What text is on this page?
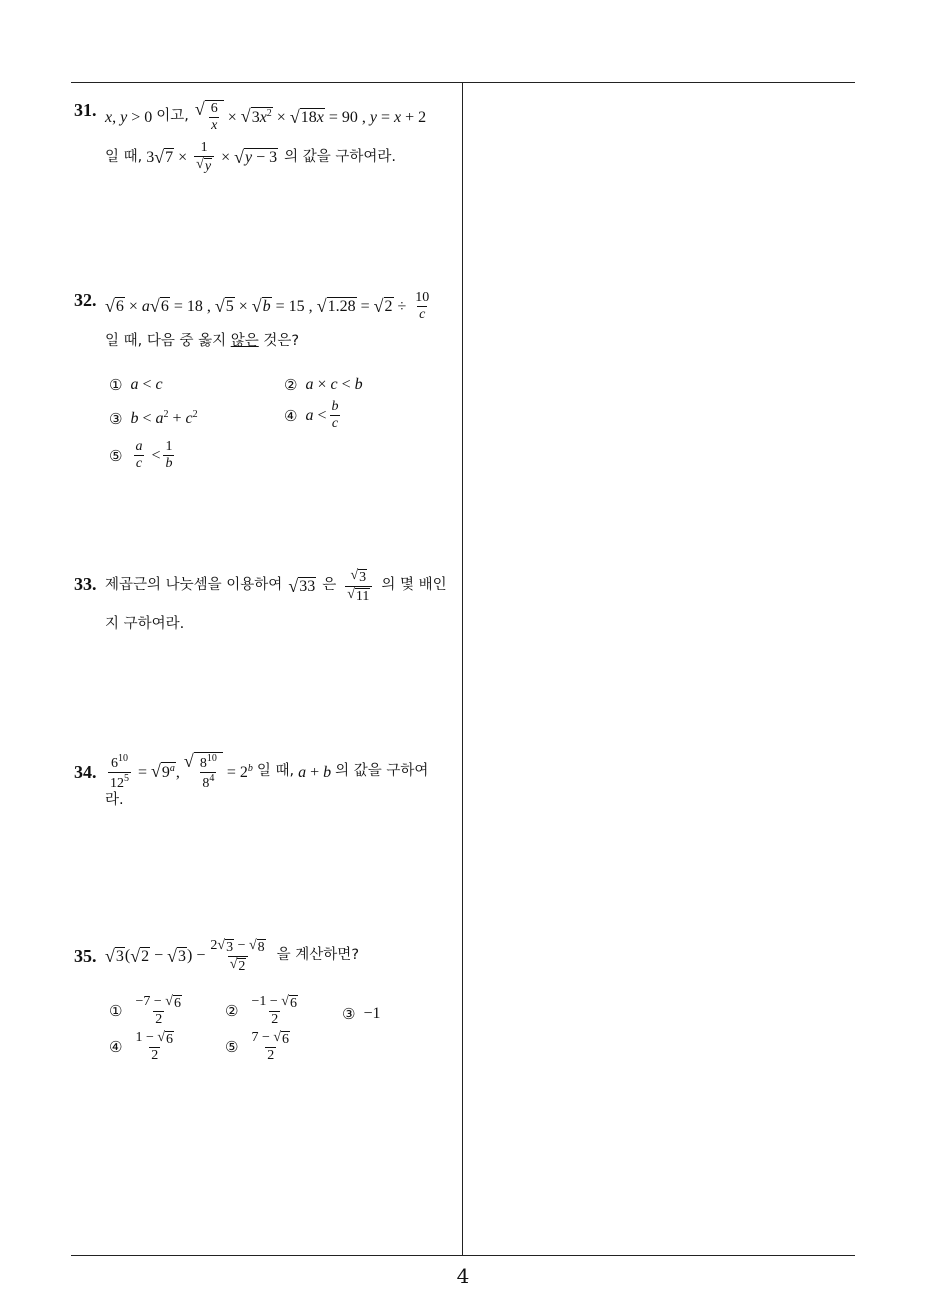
4
31. x , y > 0 이고, √ $\frac{6}{x}$ × √ $3x^2$ × √ 18x = 90 , y = x + 2
일 때, 3 √ $7 \times \frac{1}{√ y}$ × √ y − 3 의 값을 구하여라.
32. √ 6 × a √ 6 = 18 , √ 5 × √ b = 15 , √ 1.28 = √ $2 \div \frac{10}{c}$
일 때, 다음 중 옳지
않은
것은?
① a < c	② a × c < b
③ $b < a^2 + c^2$	④ $a < \frac{b}{c}$
⑤ $\frac{a}{c} < \frac{1}{b}$
33. 제곱근의 나눗셈을 이용하여 √ 33 은 $\frac{√ 3}{√ 11}$ 의 몇 배인
지 구하여라.
34. $\frac{6^{10}}{12^5}$ = √ 9$^a$ ,
√ $\frac{8^{10}}{8^4} = 2^b$ 일 때, a + b 의 값을 구하여
라.
35. √ 3 ( √ 2 − √ 3 ) − $\frac{2 √ 3 - √ 8}{√ 2}$ 을 계산하면?
① $\frac{-7 - √ 6}{2}$	② $\frac{-1 - √ 6}{2}$	③ −1
④ $\frac{1 - √ 6}{2}$	⑤ $\frac{7 - √ 6}{2}$
